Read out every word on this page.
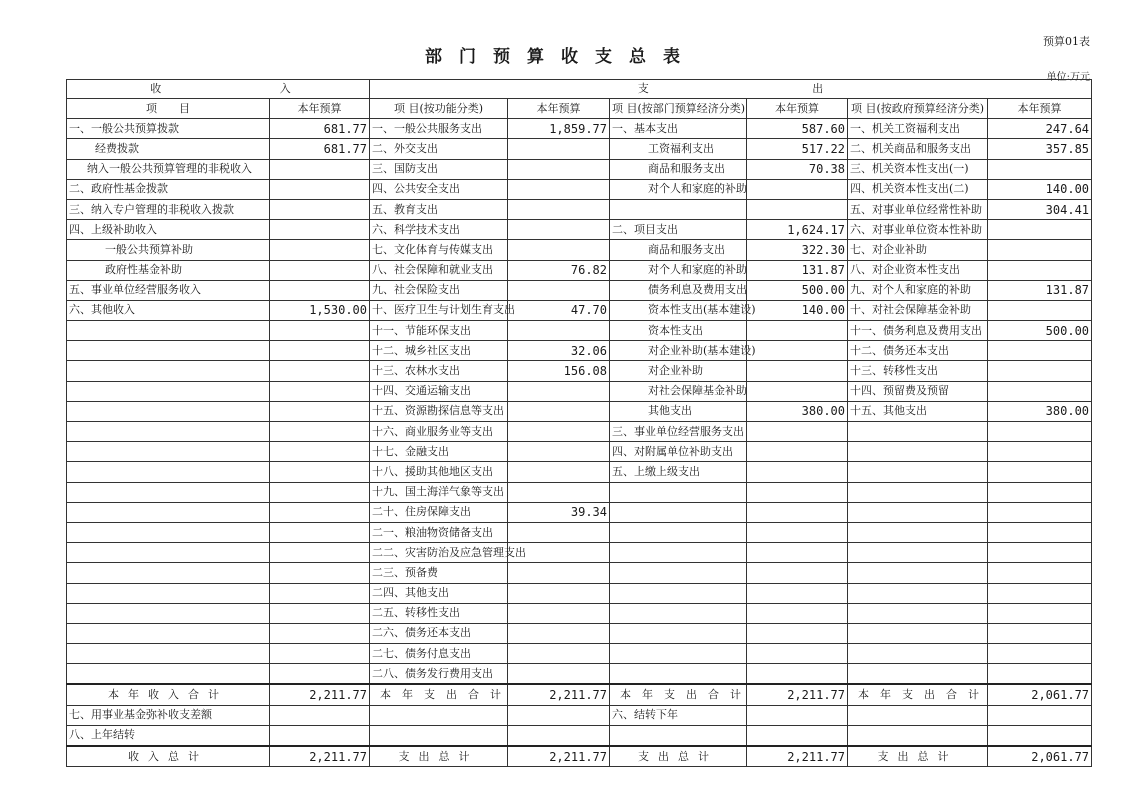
预算01表
部门预算收支总表
单位:万元
收 入		支 出					
项　　目	本年预算	项 目(按功能分类)	本年预算	项 目(按部门预算经济分类)	本年预算	项 目(按政府预算经济分类)	本年预算
一、一般公共预算拨款	681.77	一、一般公共服务支出	1,859.77	一、基本支出	587.60	一、机关工资福利支出	247.64
经费拨款	681.77	二、外交支出		工资福利支出	517.22	二、机关商品和服务支出	357.85
纳入一般公共预算管理的非税收入		三、国防支出		商品和服务支出	70.38	三、机关资本性支出(一)	
二、政府性基金拨款		四、公共安全支出		对个人和家庭的补助		四、机关资本性支出(二)	140.00
三、纳入专户管理的非税收入拨款		五、教育支出				五、对事业单位经常性补助	304.41
四、上级补助收入		六、科学技术支出		二、项目支出	1,624.17	六、对事业单位资本性补助	
一般公共预算补助		七、文化体育与传媒支出		商品和服务支出	322.30	七、对企业补助	
政府性基金补助		八、社会保障和就业支出	76.82	对个人和家庭的补助	131.87	八、对企业资本性支出	
五、事业单位经营服务收入		九、社会保险支出		债务利息及费用支出	500.00	九、对个人和家庭的补助	131.87
六、其他收入	1,530.00	十、医疗卫生与计划生育支出	47.70	资本性支出(基本建设)	140.00	十、对社会保障基金补助	
		十一、节能环保支出		资本性支出		十一、债务利息及费用支出	500.00
		十二、城乡社区支出	32.06	对企业补助(基本建设)		十二、债务还本支出	
		十三、农林水支出	156.08	对企业补助		十三、转移性支出	
		十四、交通运输支出		对社会保障基金补助		十四、预留费及预留	
		十五、资源勘探信息等支出		其他支出	380.00	十五、其他支出	380.00
		十六、商业服务业等支出		三、事业单位经营服务支出			
		十七、金融支出		四、对附属单位补助支出			
		十八、援助其他地区支出		五、上缴上级支出			
		十九、国土海洋气象等支出					
		二十、住房保障支出	39.34				
		二一、粮油物资储备支出					
		二二、灾害防治及应急管理支出					
		二三、预备费					
		二四、其他支出					
		二五、转移性支出					
		二六、债务还本支出					
		二七、债务付息支出					
		二八、债务发行费用支出					
本年收入合计	2,211.77	本年支出合计	2,211.77	本年支出合计	2,211.77	本年支出合计	2,061.77
七、用事业基金弥补收支差额				六、结转下年			
八、上年结转							
收入总计	2,211.77	支出总计	2,211.77	支出总计	2,211.77	支出总计	2,061.77
